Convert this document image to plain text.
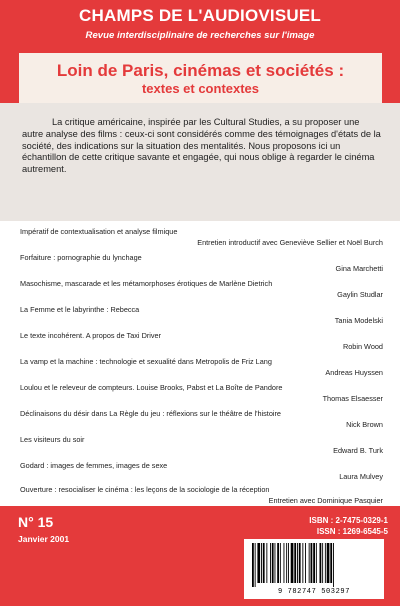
CHAMPS DE L'AUDIOVISUEL
Revue interdisciplinaire de recherches sur l'image
Loin de Paris, cinémas et sociétés :
textes et contextes

La critique américaine, inspirée par les Cultural Studies, a su proposer une autre analyse des films : ceux-ci sont considérés comme des témoignages d'états de la société, des indications sur la situation des mentalités. Nous proposons ici un échantillon de cette critique savante et engagée, qui nous oblige à regarder le cinéma autrement.

Impératif de contextualisation et analyse filmique
Entretien introductif avec Geneviève Sellier et Noël Burch
Forfaiture : pornographie du lynchage
Gina Marchetti
Masochisme, mascarade et les métamorphoses érotiques de Marlène Dietrich
Gaylin Studlar
La Femme et le labyrinthe : Rebecca
Tania Modelski
Le texte incohérent. A propos de Taxi Driver
Robin Wood
La vamp et la machine : technologie et sexualité dans Metropolis de Friz Lang
Andreas Huyssen
Loulou et le releveur de compteurs. Louise Brooks, Pabst et La Boîte de Pandore
Thomas Elsaesser
Déclinaisons du désir dans La Règle du jeu : réflexions sur le théâtre de l'histoire
Nick Brown
Les visiteurs du soir
Edward B. Turk
Godard : images de femmes, images de sexe
Laura Mulvey
Ouverture : resocialiser le cinéma : les leçons de la sociologie de la réception
Entretien avec Dominique Pasquier
N° 15
Janvier 2001
ISBN : 2-7475-0329-1
ISSN : 1269-6545-5
9 782747 503297
